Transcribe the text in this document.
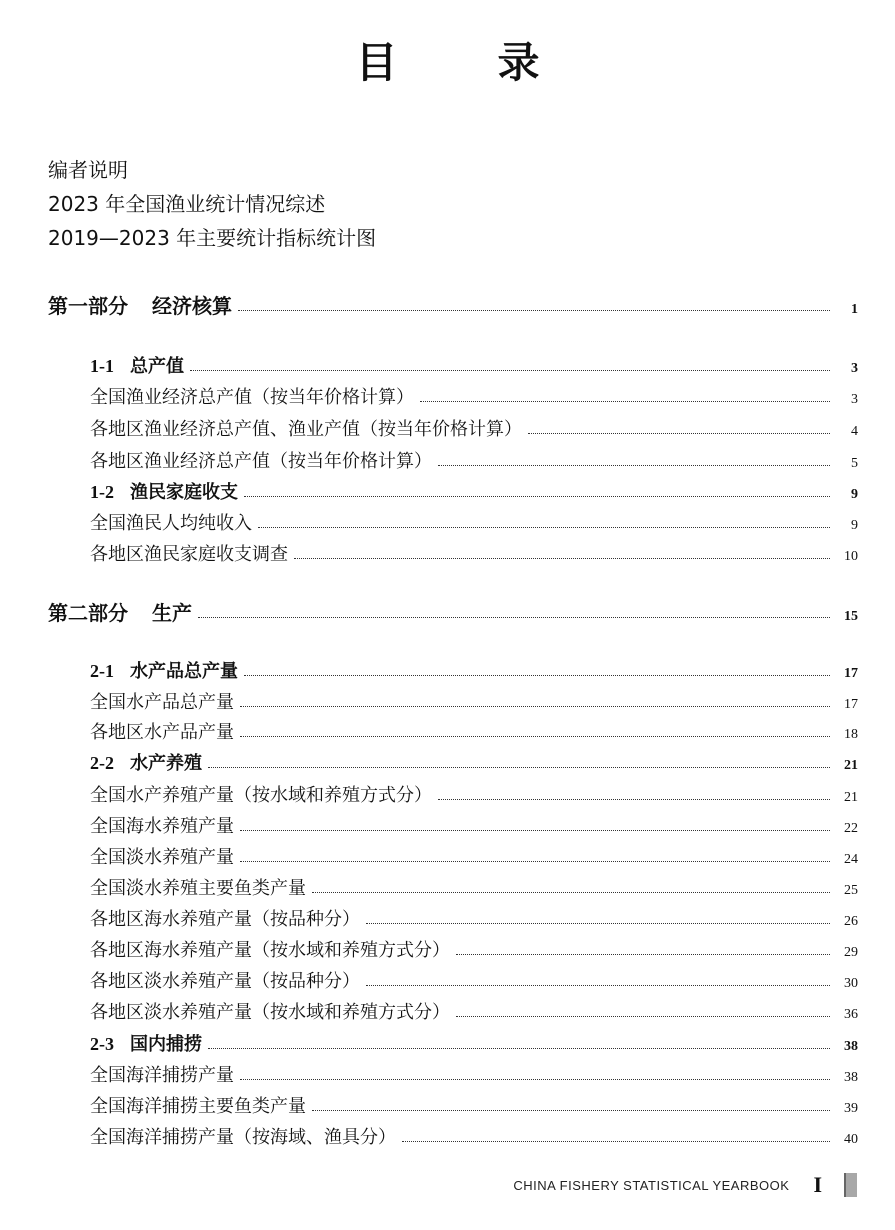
目录
编者说明
2023 年全国渔业统计情况综述
2019—2023 年主要统计指标统计图
第一部分 经济核算	1
1-1 总产值	3
全国渔业经济总产值（按当年价格计算）	3
各地区渔业经济总产值、渔业产值（按当年价格计算）	4
各地区渔业经济总产值（按当年价格计算）	5
1-2 渔民家庭收支	9
全国渔民人均纯收入	9
各地区渔民家庭收支调查	10
第二部分 生产	15
2-1 水产品总产量	17
全国水产品总产量	17
各地区水产品产量	18
2-2 水产养殖	21
全国水产养殖产量（按水域和养殖方式分）	21
全国海水养殖产量	22
全国淡水养殖产量	24
全国淡水养殖主要鱼类产量	25
各地区海水养殖产量（按品种分）	26
各地区海水养殖产量（按水域和养殖方式分）	29
各地区淡水养殖产量（按品种分）	30
各地区淡水养殖产量（按水域和养殖方式分）	36
2-3 国内捕捞	38
全国海洋捕捞产量	38
全国海洋捕捞主要鱼类产量	39
全国海洋捕捞产量（按海域、渔具分）	40
CHINA FISHERY STATISTICAL YEARBOOK I
